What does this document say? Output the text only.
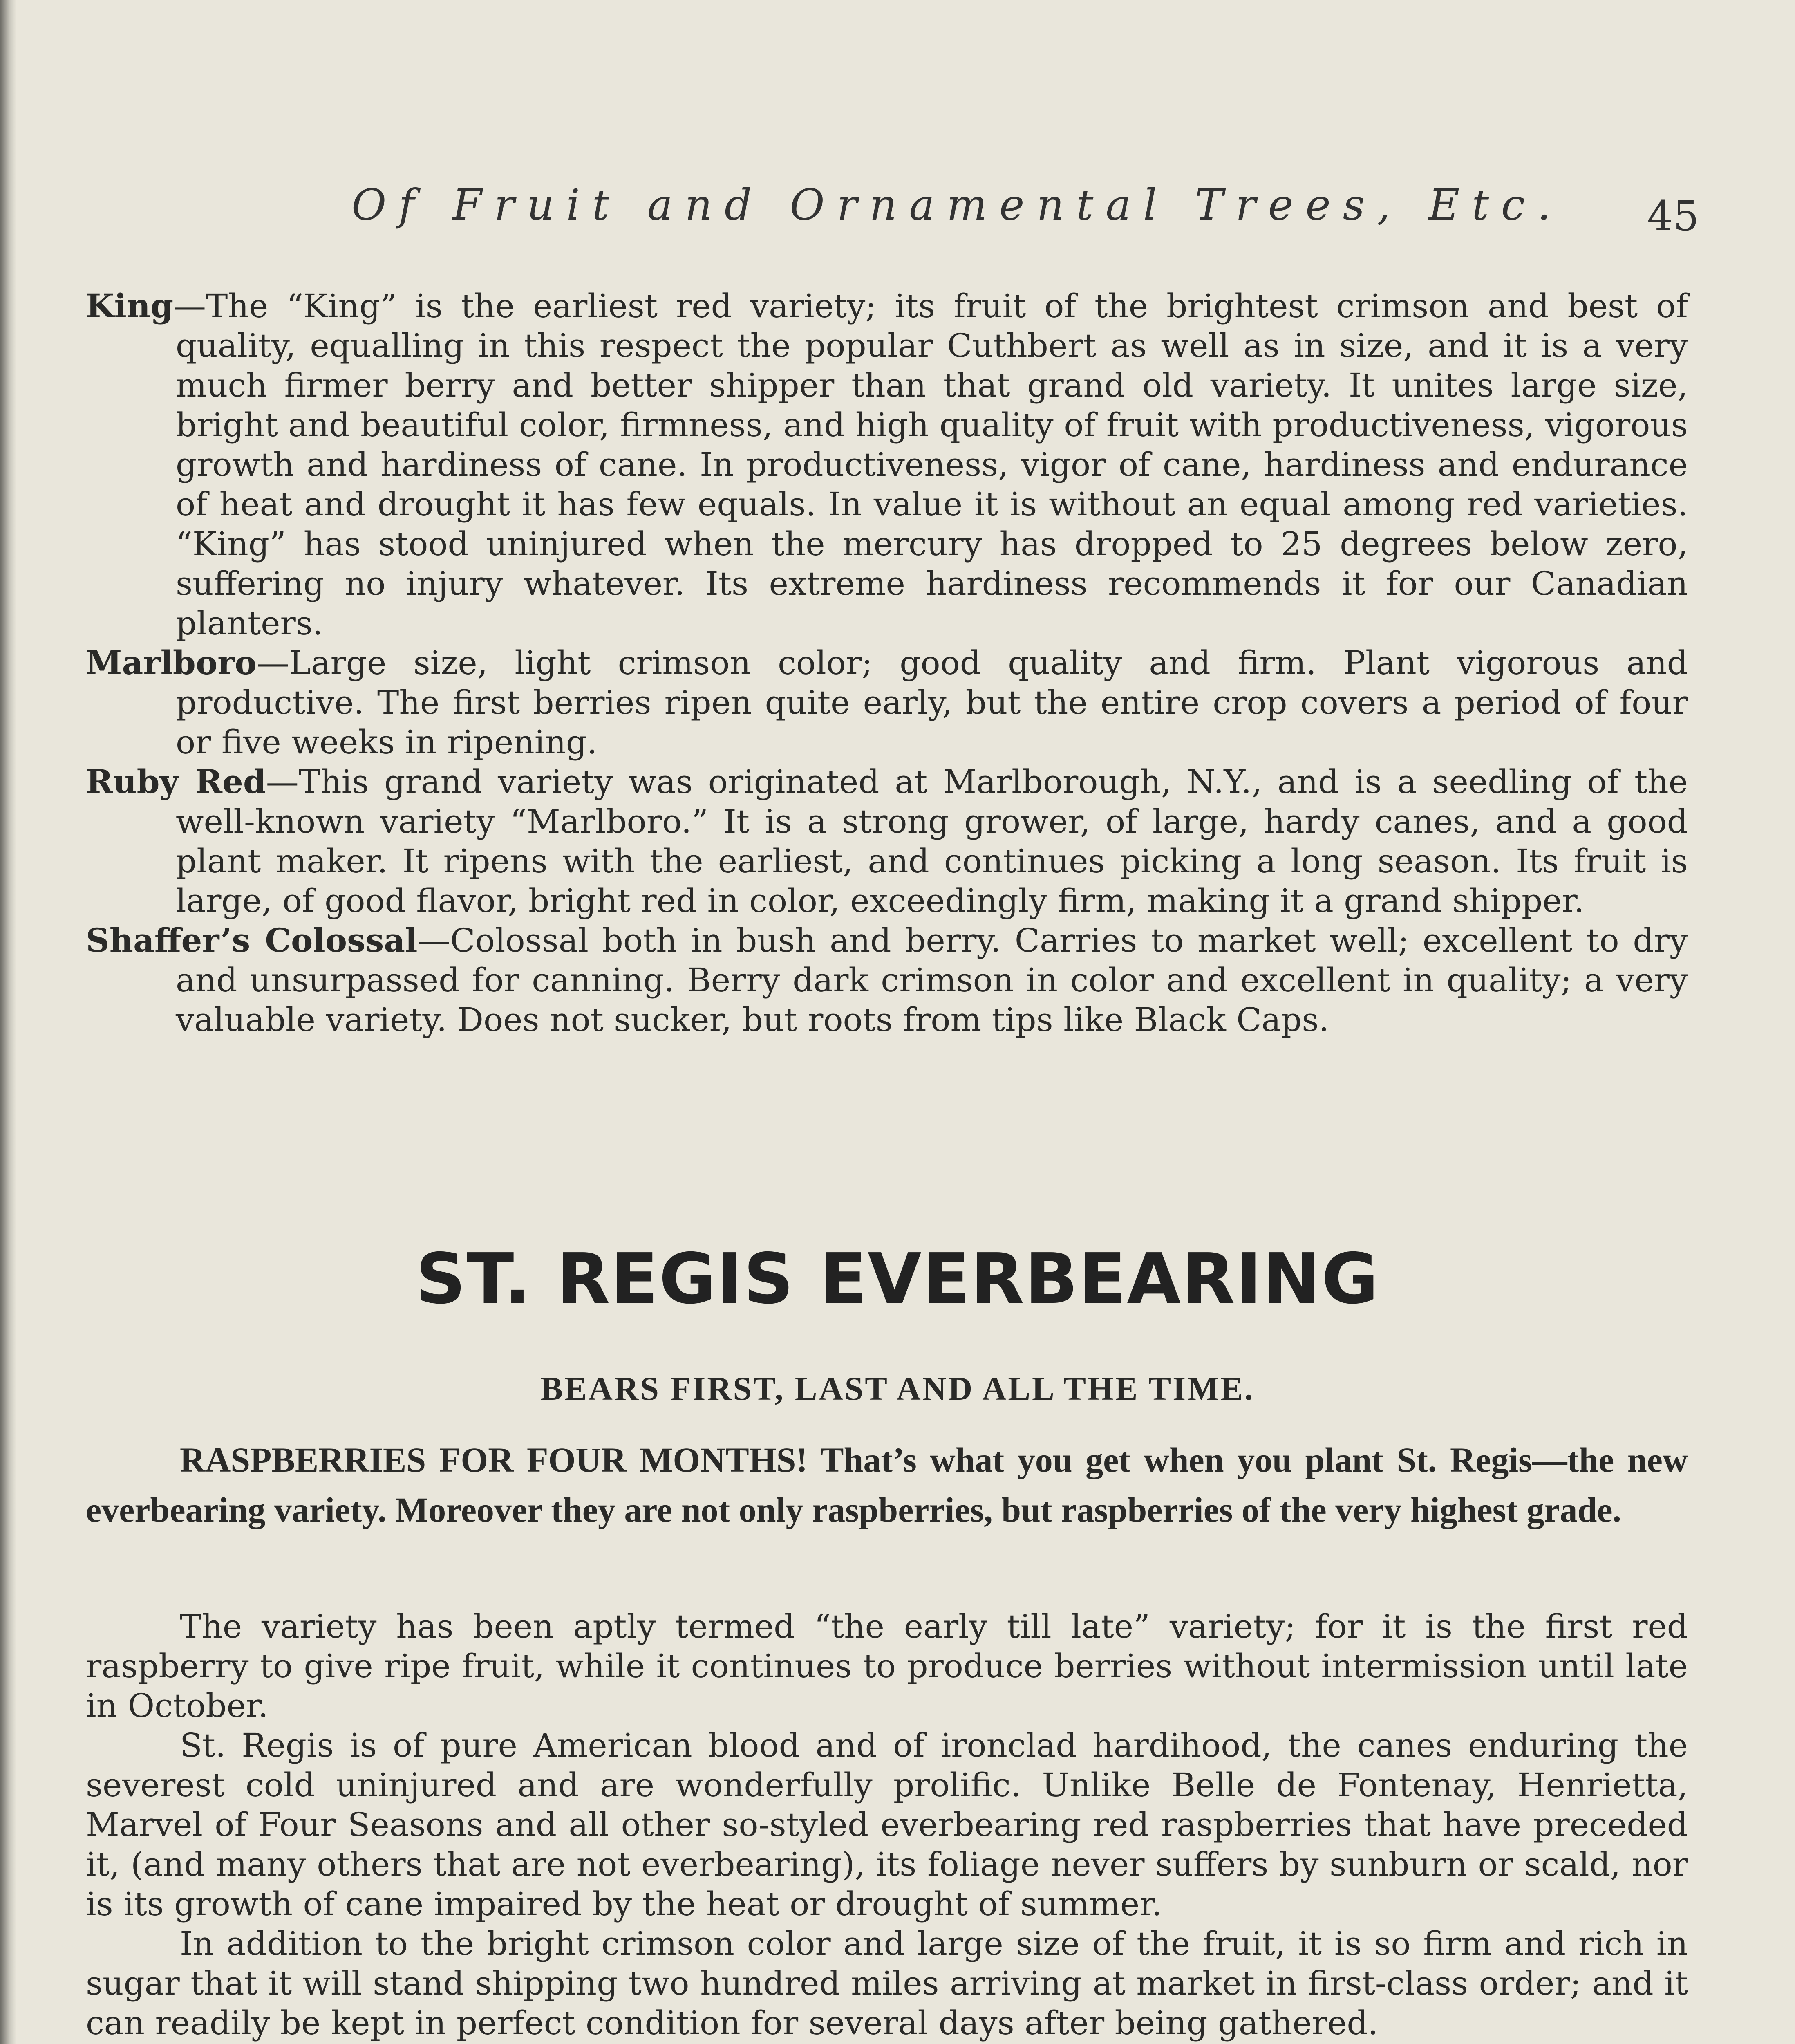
Of Fruit and Ornamental Trees, Etc. 45

King—The “King” is the earliest red variety; its fruit of the brightest crimson and best of quality, equalling in this respect the popular Cuthbert as well as in size, and it is a very much firmer berry and better shipper than that grand old variety. It unites large size, bright and beautiful color, firmness, and high quality of fruit with productiveness, vigorous growth and hardiness of cane. In productiveness, vigor of cane, hardiness and endurance of heat and drought it has few equals. In value it is without an equal among red varieties. “King” has stood uninjured when the mercury has dropped to 25 degrees below zero, suffering no injury whatever. Its extreme hardiness recommends it for our Canadian planters.

Marlboro—Large size, light crimson color; good quality and firm. Plant vigorous and productive. The first berries ripen quite early, but the entire crop covers a period of four or five weeks in ripening.

Ruby Red—This grand variety was originated at Marlborough, N.Y., and is a seedling of the well-known variety “Marlboro.” It is a strong grower, of large, hardy canes, and a good plant maker. It ripens with the earliest, and continues picking a long season. Its fruit is large, of good flavor, bright red in color, exceedingly firm, making it a grand shipper.

Shaffer’s Colossal—Colossal both in bush and berry. Carries to market well; excellent to dry and unsurpassed for canning. Berry dark crimson in color and excellent in quality; a very valuable variety. Does not sucker, but roots from tips like Black Caps.

ST. REGIS EVERBEARING
BEARS FIRST, LAST AND ALL THE TIME.
RASPBERRIES FOR FOUR MONTHS! That’s what you get when you plant St. Regis—the new everbearing variety. Moreover they are not only raspberries, but raspberries of the very highest grade.

The variety has been aptly termed “the early till late” variety; for it is the first red raspberry to give ripe fruit, while it continues to produce berries without intermission until late in October.

St. Regis is of pure American blood and of ironclad hardihood, the canes enduring the severest cold uninjured and are wonderfully prolific. Unlike Belle de Fontenay, Henrietta, Marvel of Four Seasons and all other so-styled everbearing red raspberries that have preceded it, (and many others that are not everbearing), its foliage never suffers by sunburn or scald, nor is its growth of cane impaired by the heat or drought of summer.

In addition to the bright crimson color and large size of the fruit, it is so firm and rich in sugar that it will stand shipping two hundred miles arriving at market in first-class order; and it can readily be kept in perfect condition for several days after being gathered.
